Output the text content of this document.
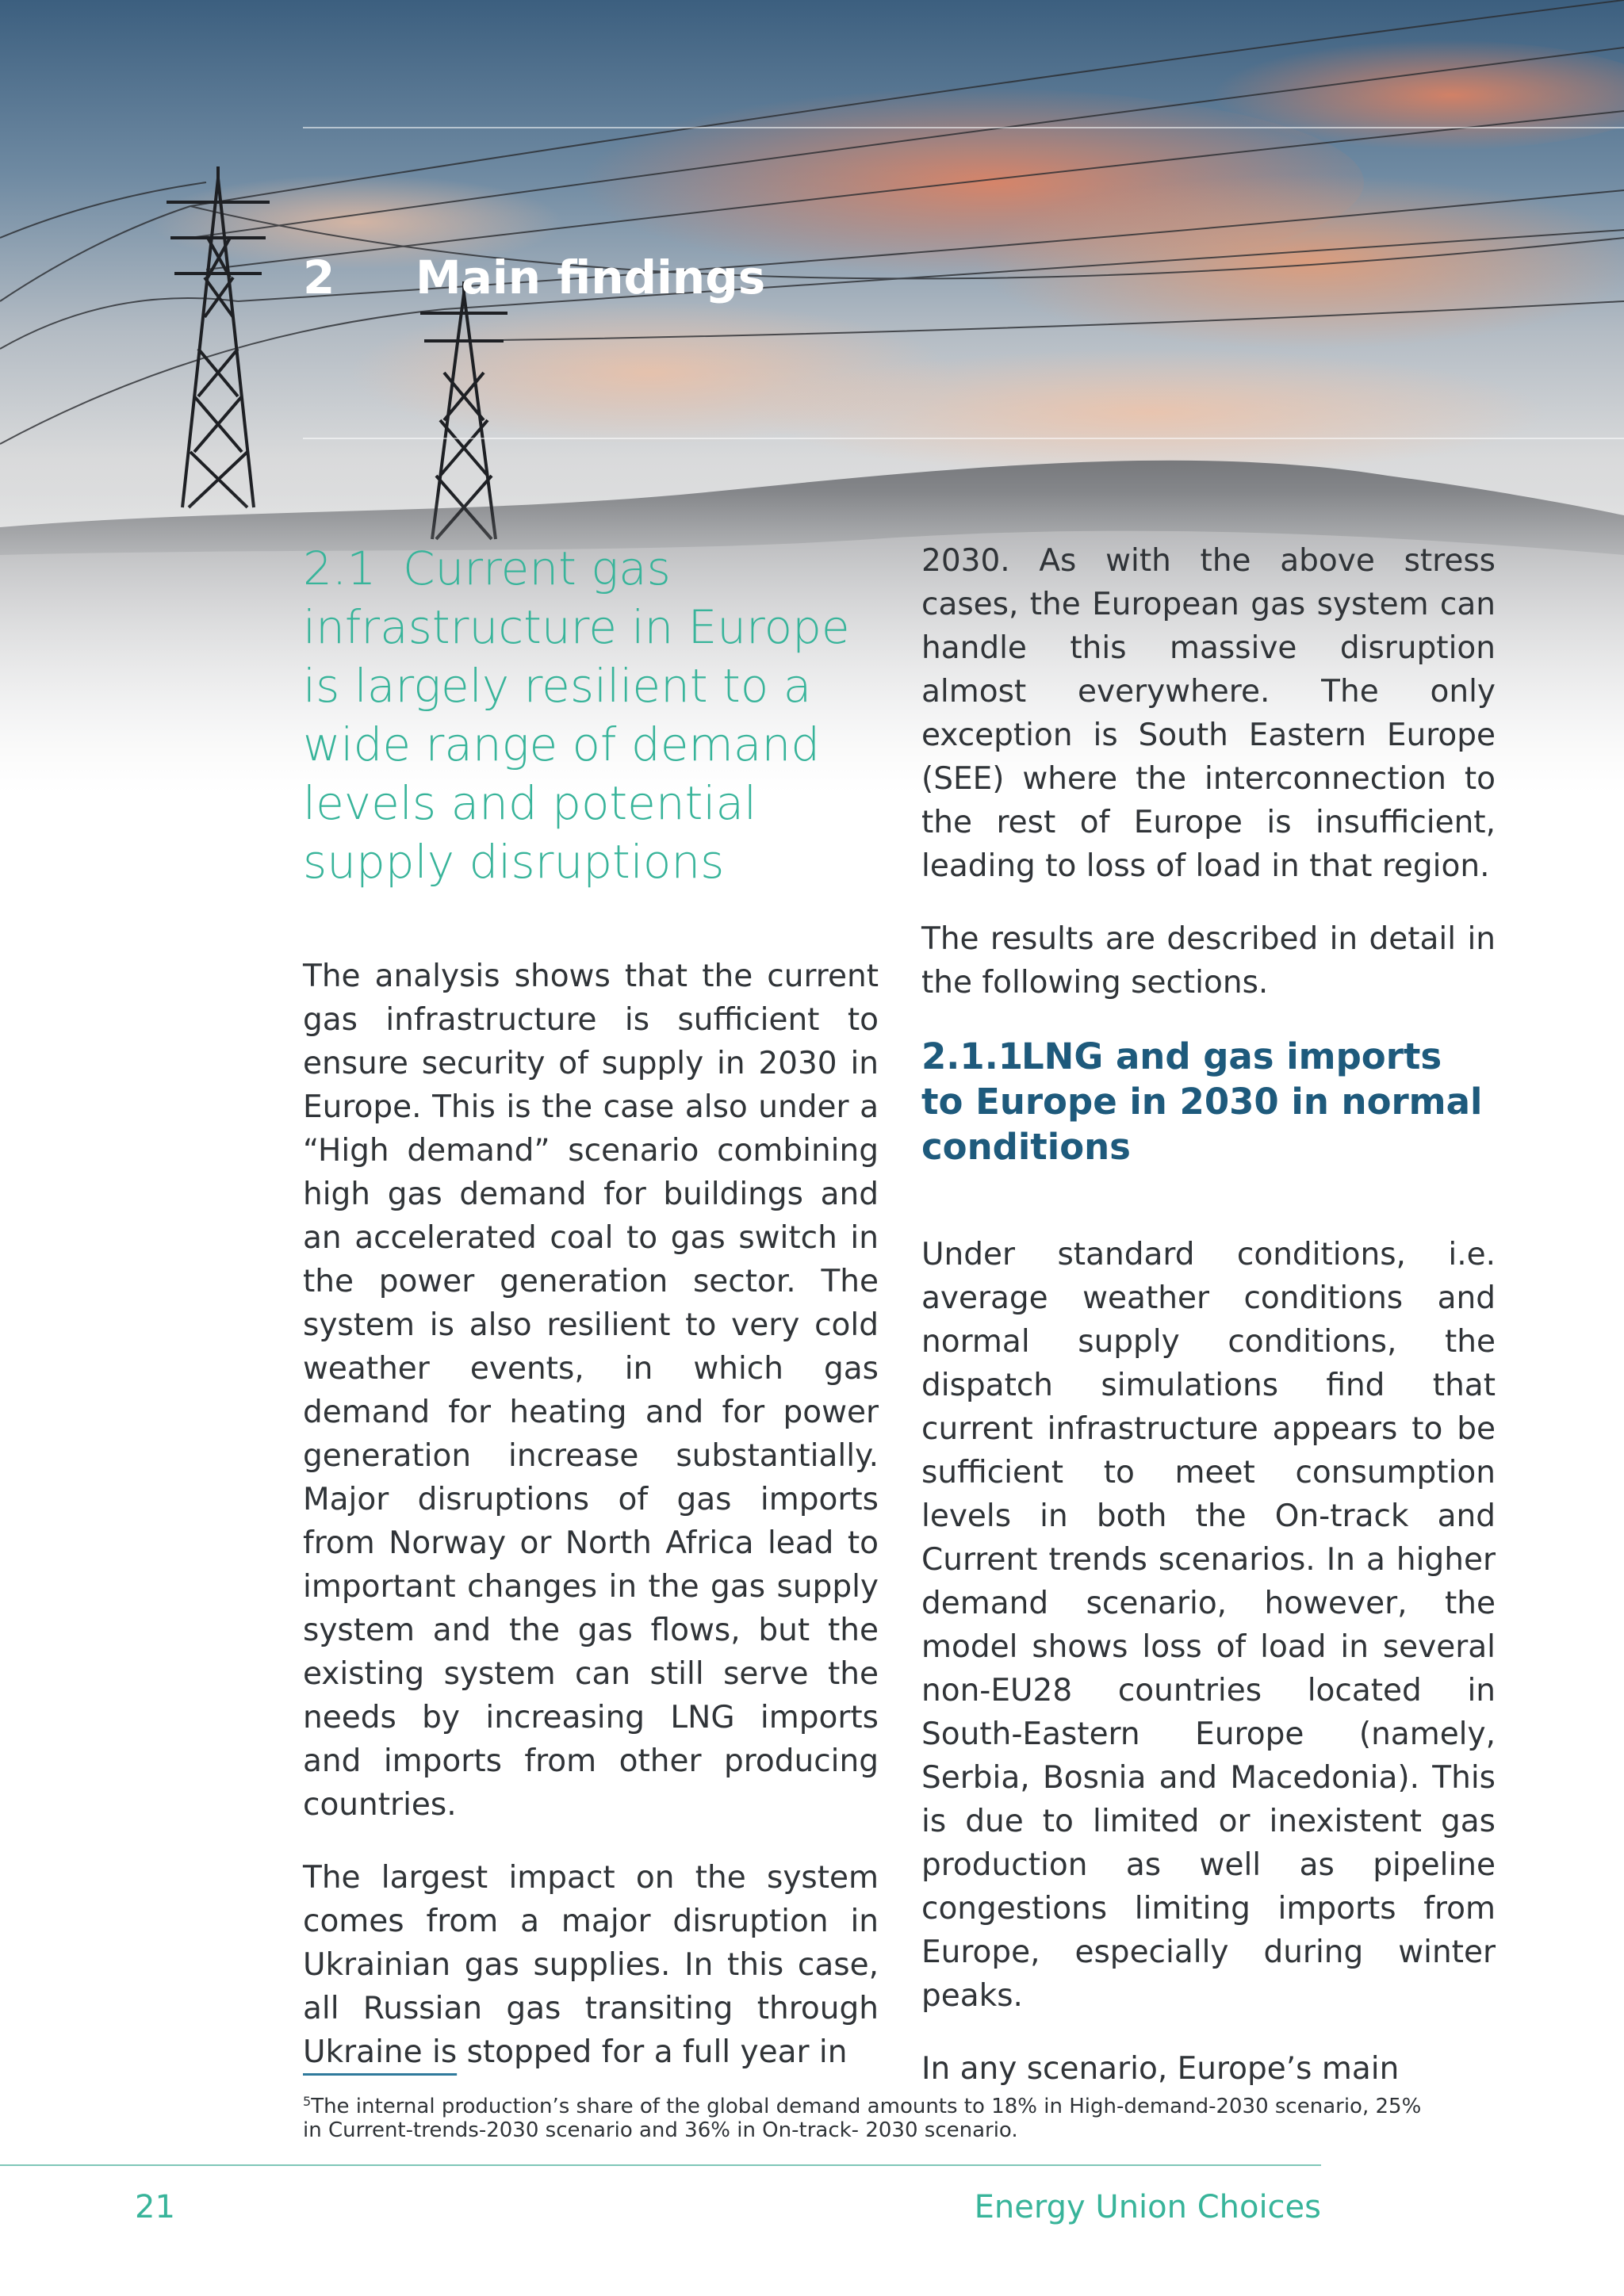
2 Main findings
2.1 Current gas infrastructure in Europe is largely resilient to a wide range of demand levels and potential supply disruptions

The analysis shows that the current gas infrastructure is sufficient to ensure security of supply in 2030 in Europe. This is the case also under a “High demand” scenario combining high gas demand for buildings and an accelerated coal to gas switch in the power generation sector. The system is also resilient to very cold weather events, in which gas demand for heating and for power generation increase substantially. Major disruptions of gas imports from Norway or North Africa lead to important changes in the gas supply system and the gas flows, but the existing system can still serve the needs by increasing LNG imports and imports from other producing countries.

The largest impact on the system comes from a major disruption in Ukrainian gas supplies. In this case, all Russian gas transiting through Ukraine is stopped for a full year in

2030. As with the above stress cases, the European gas system can handle this massive disruption almost everywhere. The only exception is South Eastern Europe (SEE) where the interconnection to the rest of Europe is insufficient, leading to loss of load in that region.

The results are described in detail in the following sections.

2.1.1LNG and gas imports to Europe in 2030 in normal conditions

Under standard conditions, i.e. average weather conditions and normal supply conditions, the dispatch simulations find that current infrastructure appears to be sufficient to meet consumption levels in both the On-track and Current trends scenarios. In a higher demand scenario, however, the model shows loss of load in several non-EU28 countries located in South-Eastern Europe (namely, Serbia, Bosnia and Macedonia). This is due to limited or inexistent gas production as well as pipeline congestions limiting imports from Europe, especially during winter peaks.

In any scenario, Europe’s main

$^5$The internal production’s share of the global demand amounts to 18% in High-demand-2030 scenario, 25% in Current-trends-2030 scenario and 36% in On-track- 2030 scenario.
21	Energy Union Choices
